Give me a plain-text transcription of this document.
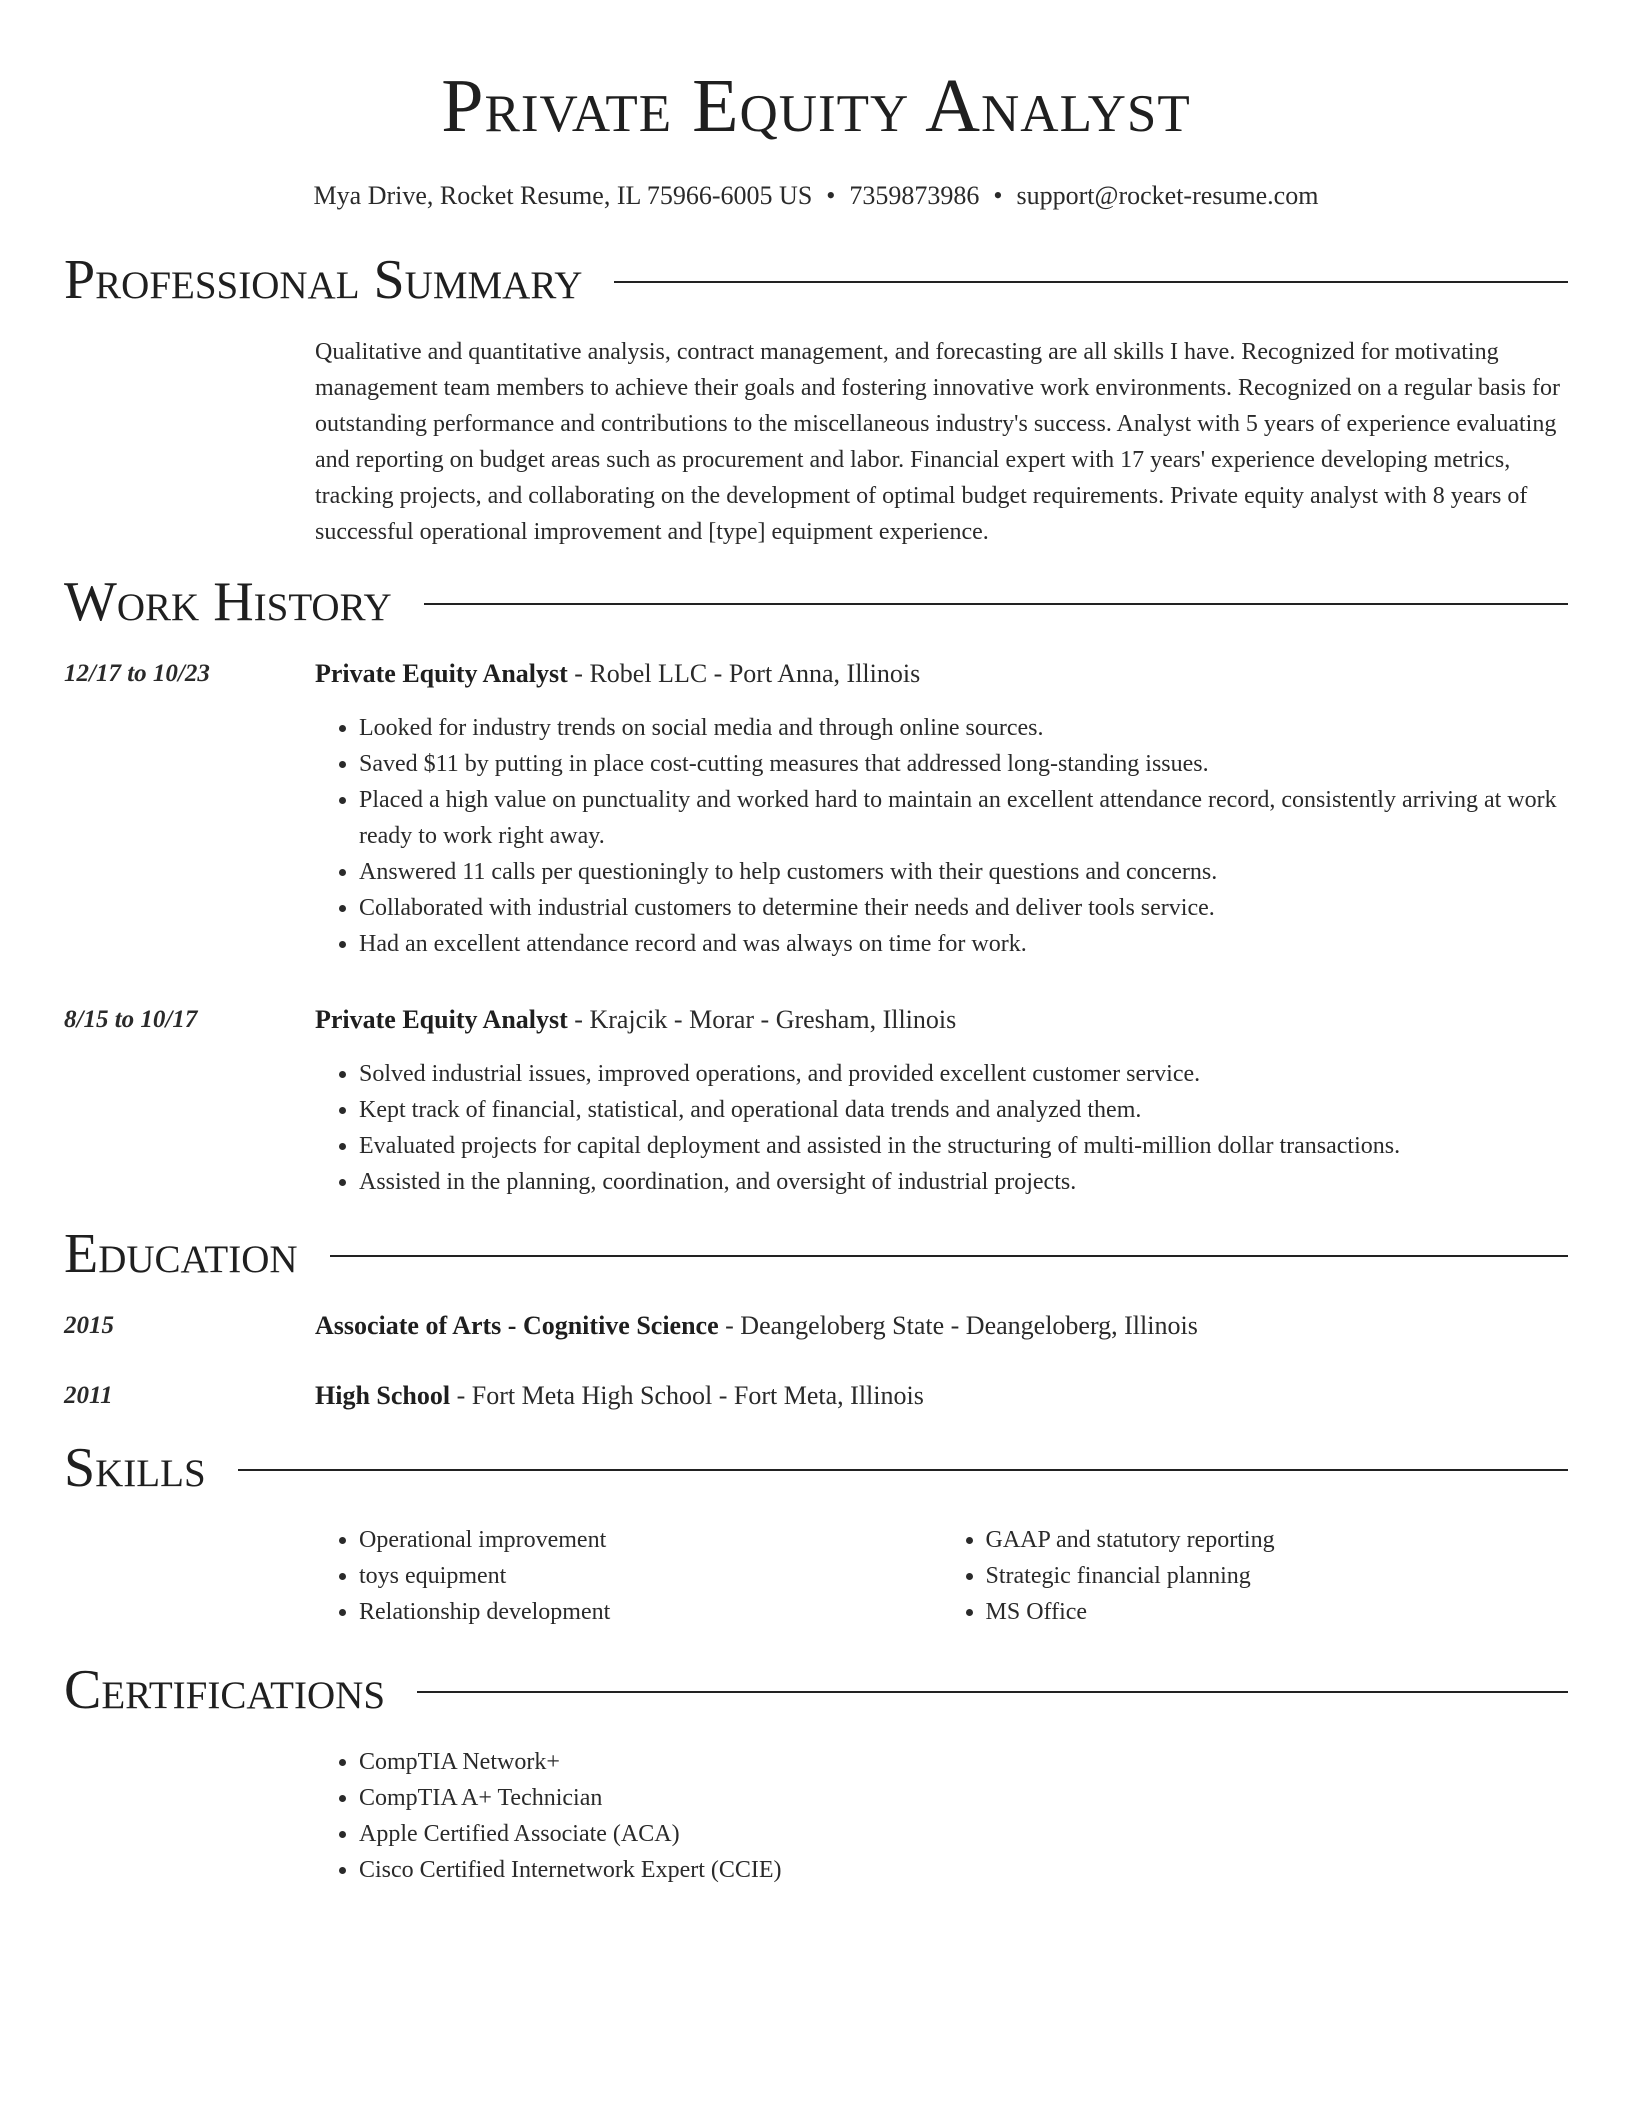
Private Equity Analyst
Mya Drive, Rocket Resume, IL 75966-6005 US • 7359873986 • support@rocket-resume.com
Professional Summary
Qualitative and quantitative analysis, contract management, and forecasting are all skills I have. Recognized for motivating management team members to achieve their goals and fostering innovative work environments. Recognized on a regular basis for outstanding performance and contributions to the miscellaneous industry's success. Analyst with 5 years of experience evaluating and reporting on budget areas such as procurement and labor. Financial expert with 17 years' experience developing metrics, tracking projects, and collaborating on the development of optimal budget requirements. Private equity analyst with 8 years of successful operational improvement and [type] equipment experience.
Work History
12/17 to 10/23	Private Equity Analyst - Robel LLC - Port Anna, Illinois
• Looked for industry trends on social media and through online sources.
• Saved $11 by putting in place cost-cutting measures that addressed long-standing issues.
• Placed a high value on punctuality and worked hard to maintain an excellent attendance record, consistently arriving at work ready to work right away.
• Answered 11 calls per questioningly to help customers with their questions and concerns.
• Collaborated with industrial customers to determine their needs and deliver tools service.
• Had an excellent attendance record and was always on time for work.
8/15 to 10/17	Private Equity Analyst - Krajcik - Morar - Gresham, Illinois
• Solved industrial issues, improved operations, and provided excellent customer service.
• Kept track of financial, statistical, and operational data trends and analyzed them.
• Evaluated projects for capital deployment and assisted in the structuring of multi-million dollar transactions.
• Assisted in the planning, coordination, and oversight of industrial projects.
Education
2015	Associate of Arts - Cognitive Science - Deangeloberg State - Deangeloberg, Illinois
2011	High School - Fort Meta High School - Fort Meta, Illinois
Skills
• Operational improvement
• toys equipment
• Relationship development
• GAAP and statutory reporting
• Strategic financial planning
• MS Office
Certifications
• CompTIA Network+
• CompTIA A+ Technician
• Apple Certified Associate (ACA)
• Cisco Certified Internetwork Expert (CCIE)
